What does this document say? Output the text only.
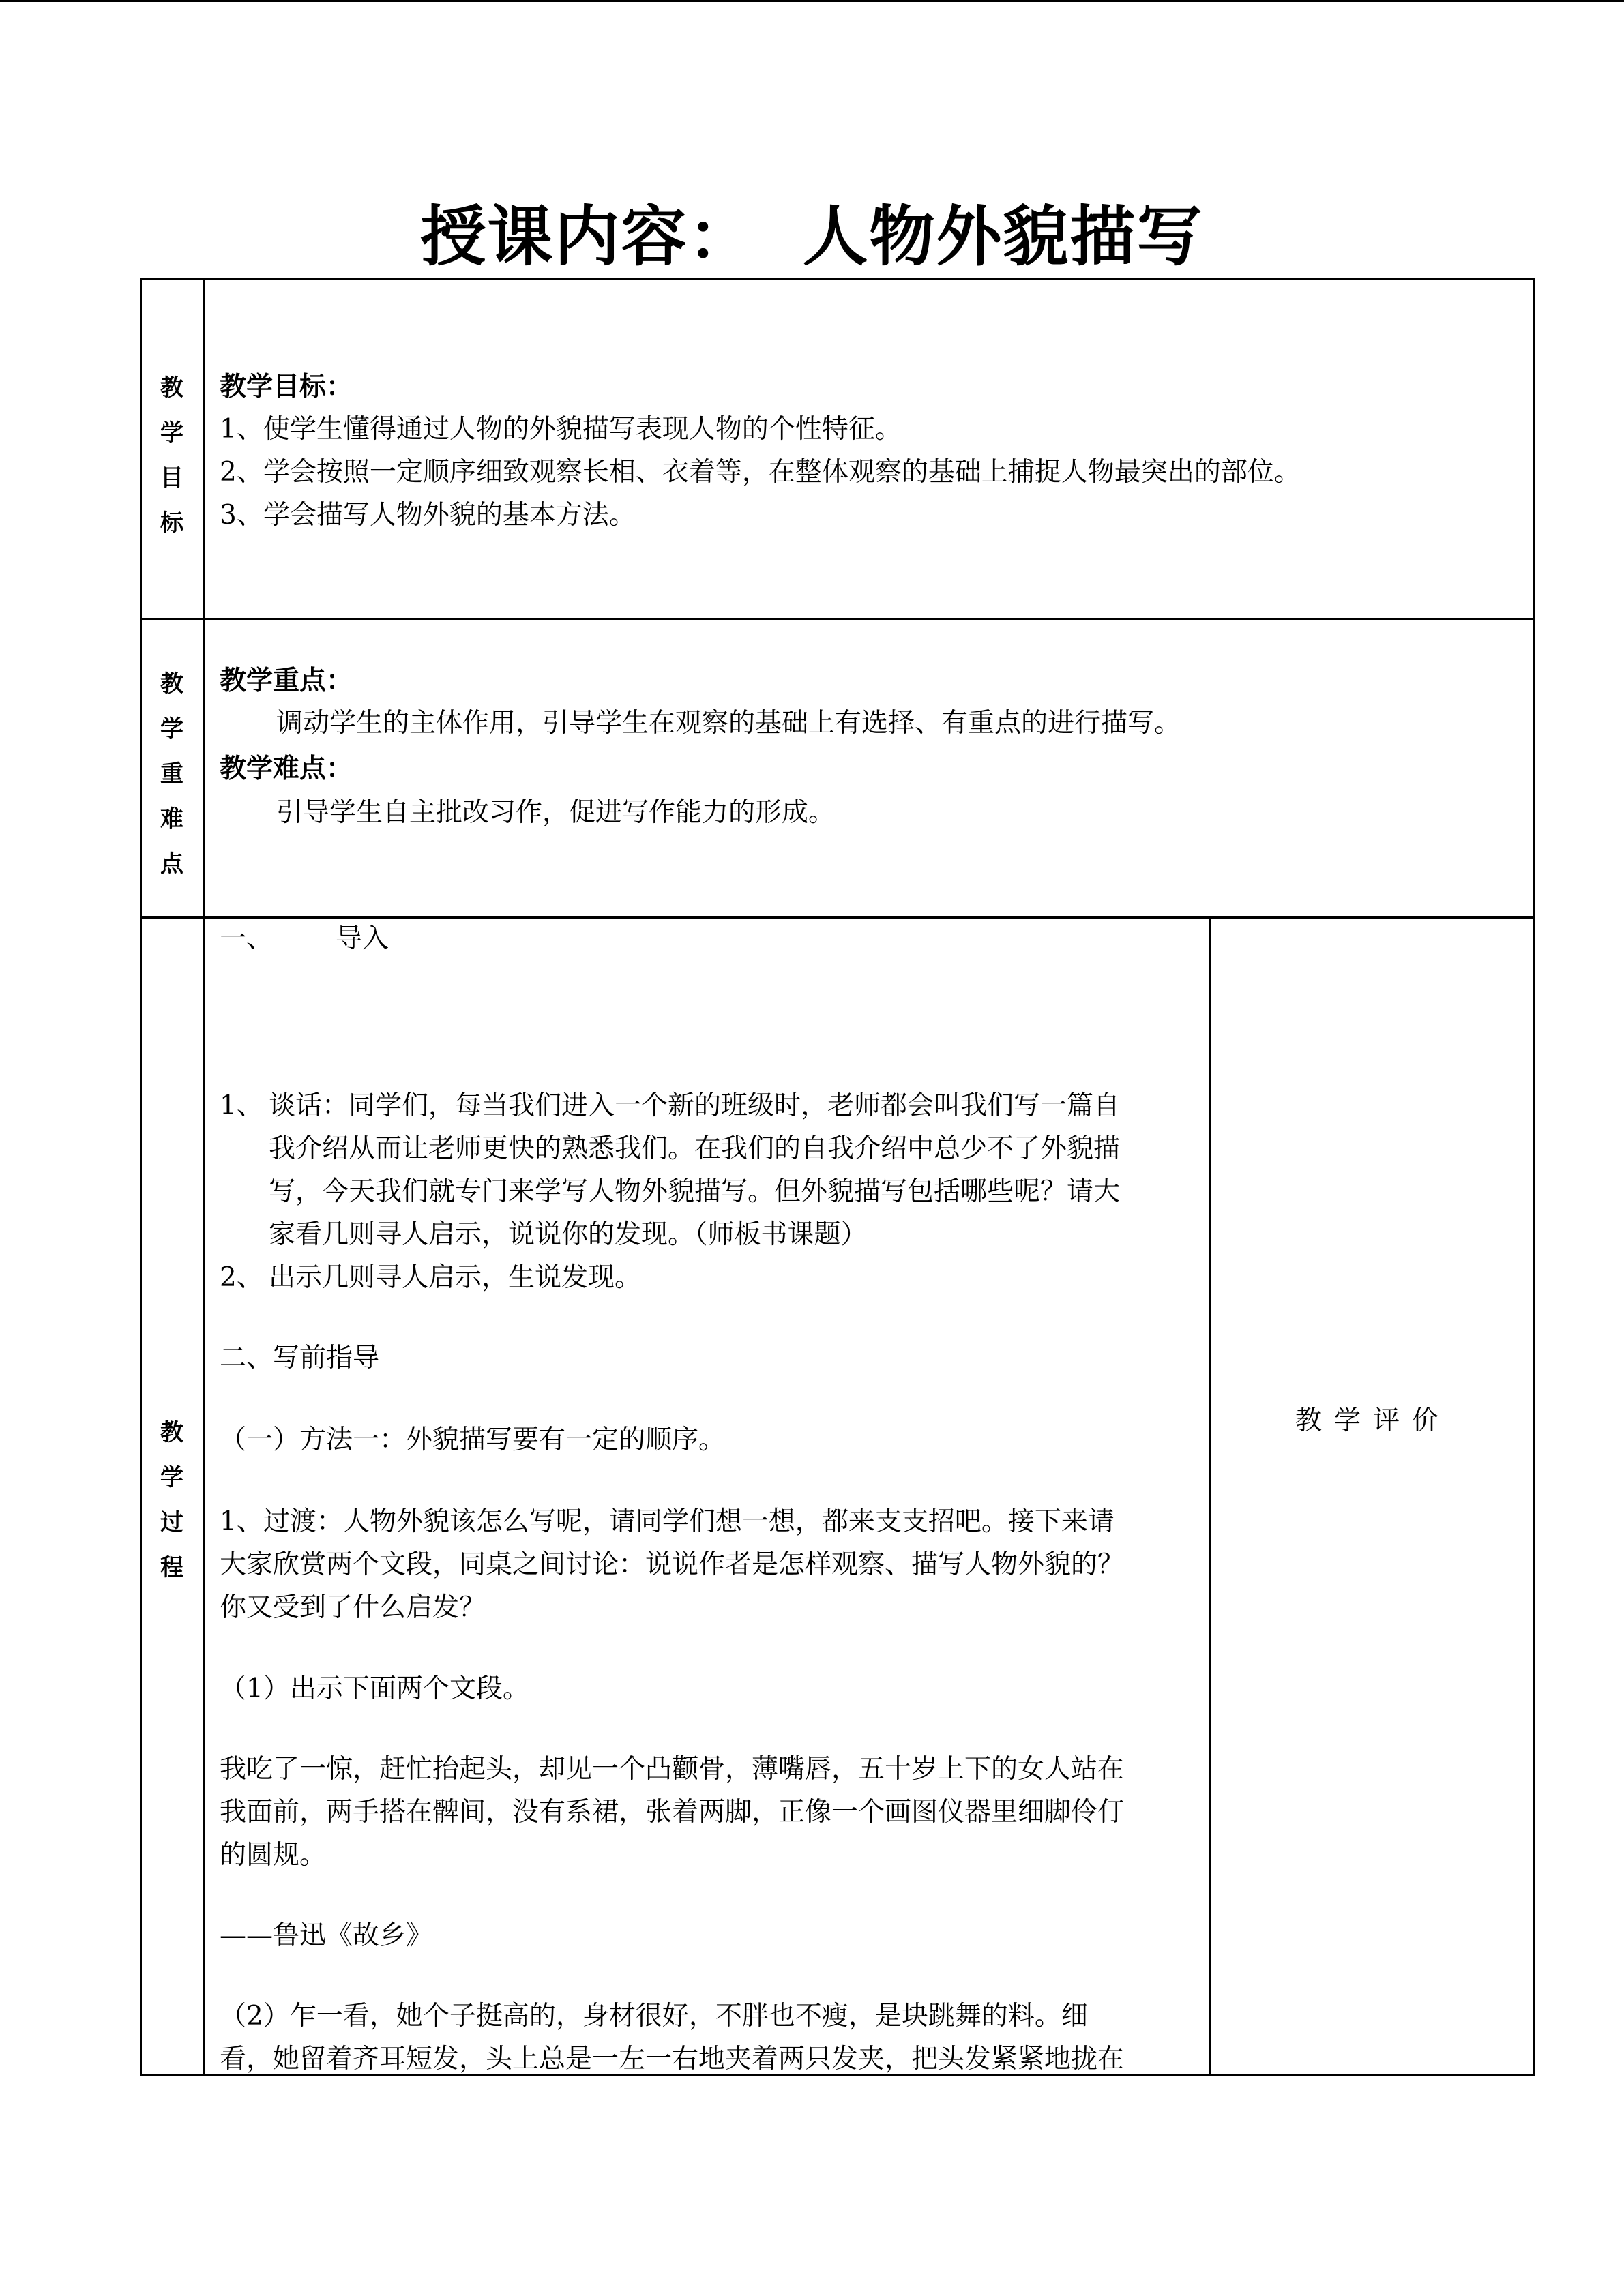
授课内容： 人物外貌描写
教
学
目
标
教学目标：
1、使学生懂得通过人物的外貌描写表现人物的个性特征。
2、学会按照一定顺序细致观察长相、衣着等，在整体观察的基础上捕捉人物最突出的部位。
3、学会描写人物外貌的基本方法。
教
学
重
难
点
教学重点：
调动学生的主体作用，引导学生在观察的基础上有选择、有重点的进行描写。
教学难点：
引导学生自主批改习作，促进写作能力的形成。
教
学
过
程
一、 导入
1、 谈话：同学们，每当我们进入一个新的班级时，老师都会叫我们写一篇自
我介绍从而让老师更快的熟悉我们。在我们的自我介绍中总少不了外貌描
写，今天我们就专门来学写人物外貌描写。但外貌描写包括哪些呢？请大
家看几则寻人启示，说说你的发现。（师板书课题）
2、 出示几则寻人启示，生说发现。
二、写前指导
（一）方法一：外貌描写要有一定的顺序。
1、过渡：人物外貌该怎么写呢，请同学们想一想，都来支支招吧。接下来请
大家欣赏两个文段，同桌之间讨论：说说作者是怎样观察、描写人物外貌的？
你又受到了什么启发？
（1）出示下面两个文段。
我吃了一惊，赶忙抬起头，却见一个凸颧骨，薄嘴唇，五十岁上下的女人站在
我面前，两手搭在髀间，没有系裙，张着两脚，正像一个画图仪器里细脚伶仃
的圆规。
——鲁迅《故乡》
（2）乍一看，她个子挺高的，身材很好，不胖也不瘦，是块跳舞的料。细
看，她留着齐耳短发，头上总是一左一右地夹着两只发夹，把头发紧紧地拢在
教学评价
